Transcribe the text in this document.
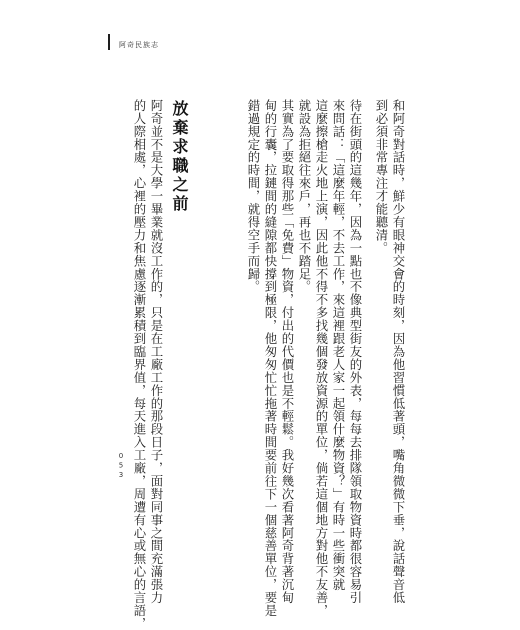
阿奇民族志
和阿奇對話時，鮮少有眼神交會的時刻，因為他習慣低著頭，嘴角微微下垂，說話聲音低
到必須非常專注才能聽清。
待在街頭的這幾年，因為一點也不像典型街友的外表，每每去排隊領取物資時都很容易引
來問話：「這麼年輕，不去工作，來這裡跟老人家一起領什麼物資？」有時一些衝突就
這麼擦槍走火地上演，因此他不得不多找幾個發放資源的單位，倘若這個地方對他不友善，
就設為拒絕往來戶，再也不踏足。
其實為了要取得那些「免費」物資，付出的代價也是不輕鬆。我好幾次看著阿奇背著沉甸
甸的行囊，拉鏈間的縫隙都快撐到極限，他匆匆忙忙拖著時間要前往下一個慈善單位，要是
錯過規定的時間，就得空手而歸。
放棄求職之前
阿奇並不是大學一畢業就沒工作的，只是在工廠工作的那段日子，面對同事之間充滿張力
的人際相處，心裡的壓力和焦慮逐漸累積到臨界值，每天進入工廠，周遭有心或無心的言語，
053
